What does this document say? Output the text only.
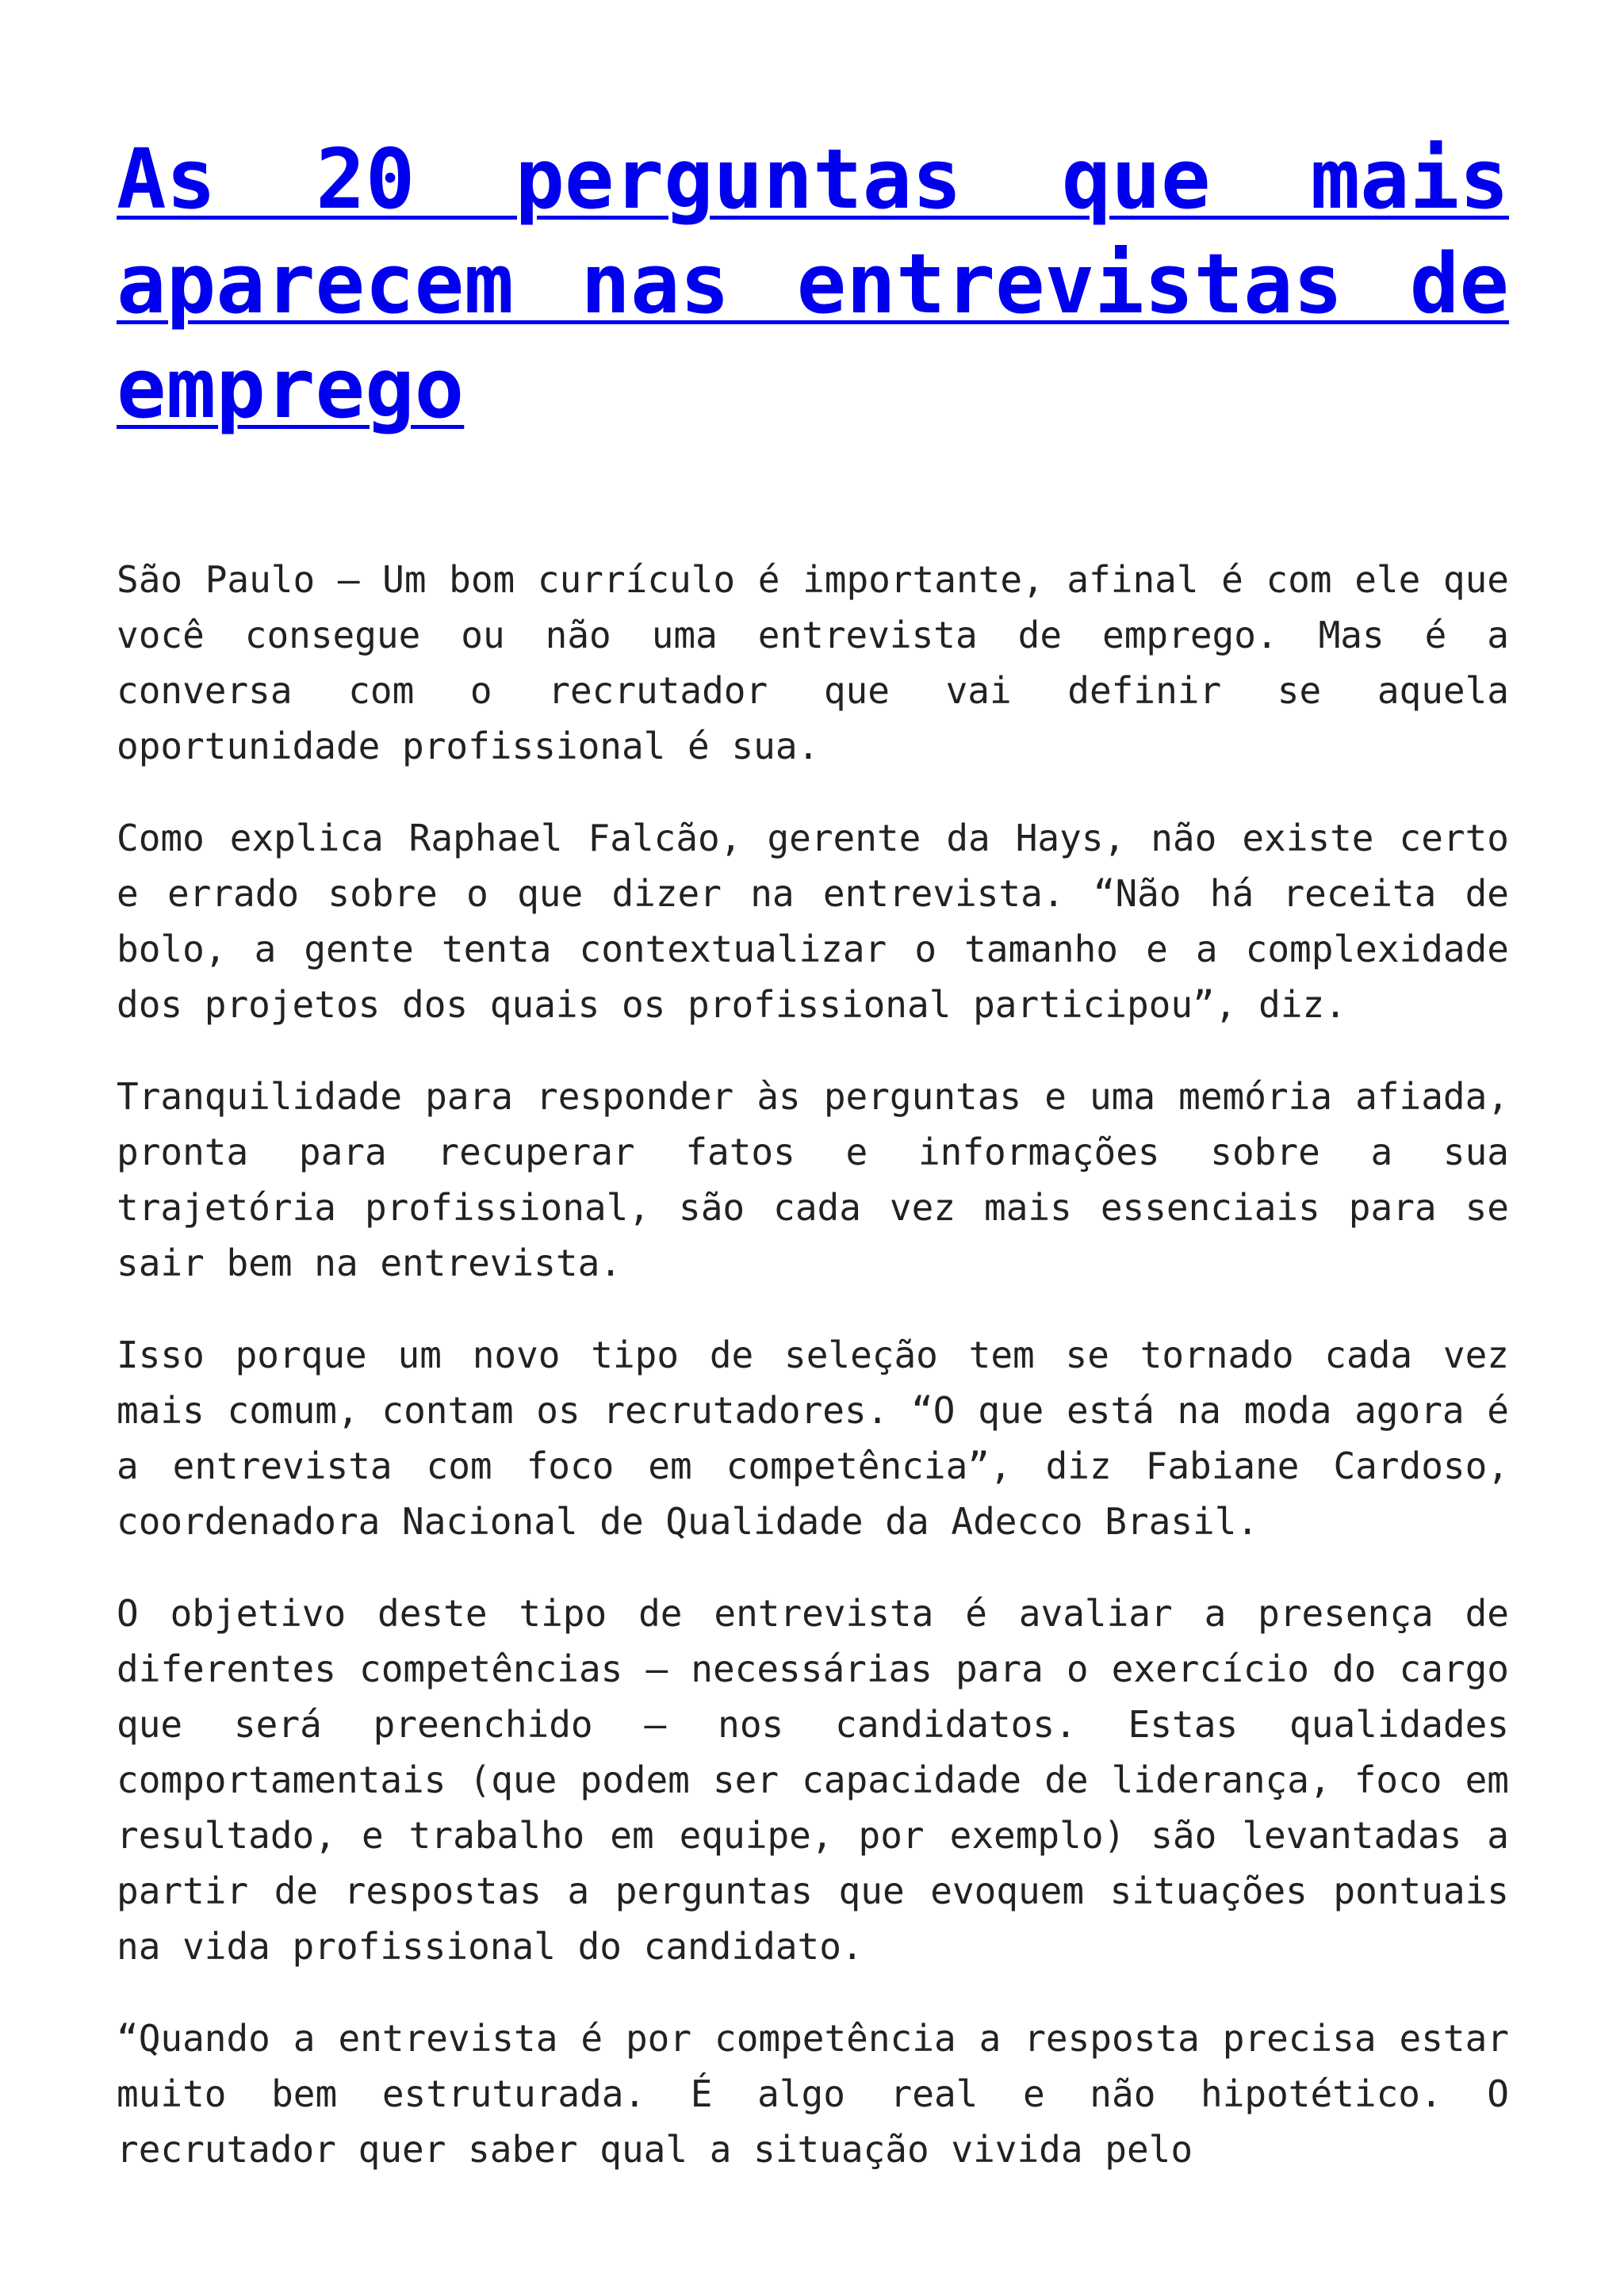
As 20 perguntas que mais aparecem nas entrevistas de emprego

São Paulo – Um bom currículo é importante, afinal é com ele que você consegue ou não uma entrevista de emprego. Mas é a conversa com o recrutador que vai definir se aquela oportunidade profissional é sua.

Como explica Raphael Falcão, gerente da Hays, não existe certo e errado sobre o que dizer na entrevista. “Não há receita de bolo, a gente tenta contextualizar o tamanho e a complexidade dos projetos dos quais os profissional participou”, diz.

Tranquilidade para responder às perguntas e uma memória afiada, pronta para recuperar fatos e informações sobre a sua trajetória profissional, são cada vez mais essenciais para se sair bem na entrevista.

Isso porque um novo tipo de seleção tem se tornado cada vez mais comum, contam os recrutadores. “O que está na moda agora é a entrevista com foco em competência”, diz Fabiane Cardoso, coordenadora Nacional de Qualidade da Adecco Brasil.

O objetivo deste tipo de entrevista é avaliar a presença de diferentes competências – necessárias para o exercício do cargo que será preenchido – nos candidatos. Estas qualidades comportamentais (que podem ser capacidade de liderança, foco em resultado, e trabalho em equipe, por exemplo) são levantadas a partir de respostas a perguntas que evoquem situações pontuais na vida profissional do candidato.

“Quando a entrevista é por competência a resposta precisa estar muito bem estruturada. É algo real e não hipotético. O recrutador quer saber qual a situação vivida pelo
